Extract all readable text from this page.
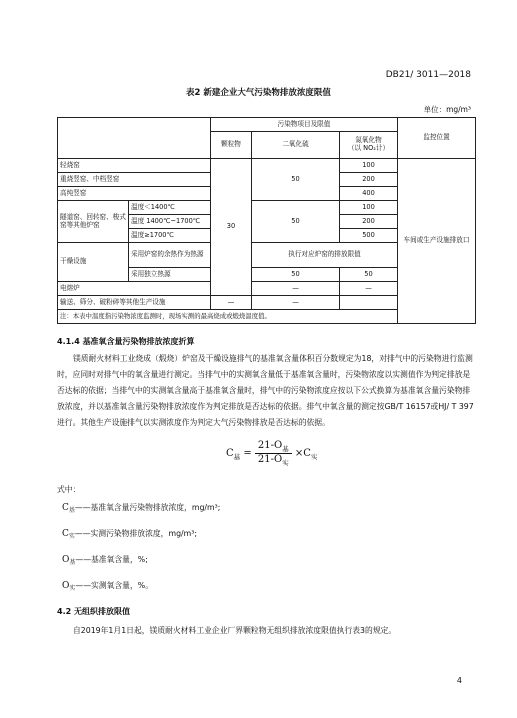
DB21/ 3011—2018
表2 新建企业大气污染物排放浓度限值
单位：mg/m³
		污染物项目及限值			监控位置
		颗粒物	二氧化硫	氮氧化物
（以 NO₂计）	

轻烧窑		30	50	100	车间或生产设施排放口
重烧竖窑、中档竖窑				200	
高纯竖窑				400	
隧道窑、回转窑、梭式窑等其他炉窑	温度＜1400℃		50	100	
	温度 1400℃~1700℃			200	
	温度≥1700℃			500	
干燥设施	采用炉窑的余热作为热源		执行对应炉窑的排放限值		
	采用独立热源		50	50	
电熔炉			—	—	
输送、筛分、破粉碎等其他生产设施		—	—		
注：本表中温度指污染物浓度监测时，现场实测的最高烧成或煅烧温度值。					
4.1.4 基准氧含量污染物排放浓度折算
镁质耐火材料工业烧成（煅烧）炉窑及干燥设施排气的基准氧含量体积百分数规定为18，对排气中的污染物进行监测时，应同时对排气中的氧含量进行测定。当排气中的实测氧含量低于基准氧含量时，污染物浓度以实测值作为判定排放是否达标的依据；当排气中的实测氧含量高于基准氧含量时，排气中的污染物浓度应按以下公式换算为基准氧含量污染物排放浓度，并以基准氧含量污染物排放浓度作为判定排放是否达标的依据。排气中氧含量的测定按GB/T 16157或HJ/ T 397进行。其他生产设施排气以实测浓度作为判定大气污染物排放是否达标的依据。
$C_基 = \frac{21-O_基}{21-O_实} \times C_实$
式中：
$C_基——$基准氧含量污染物排放浓度，mg/m³;
$C_实——$实测污染物排放浓度，mg/m³;
$O_基——$基准氧含量，%;
$O_实——$实测氧含量，%。
4.2 无组织排放限值
自2019年1月1日起，镁质耐火材料工业企业厂界颗粒物无组织排放浓度限值执行表3的规定。
4
